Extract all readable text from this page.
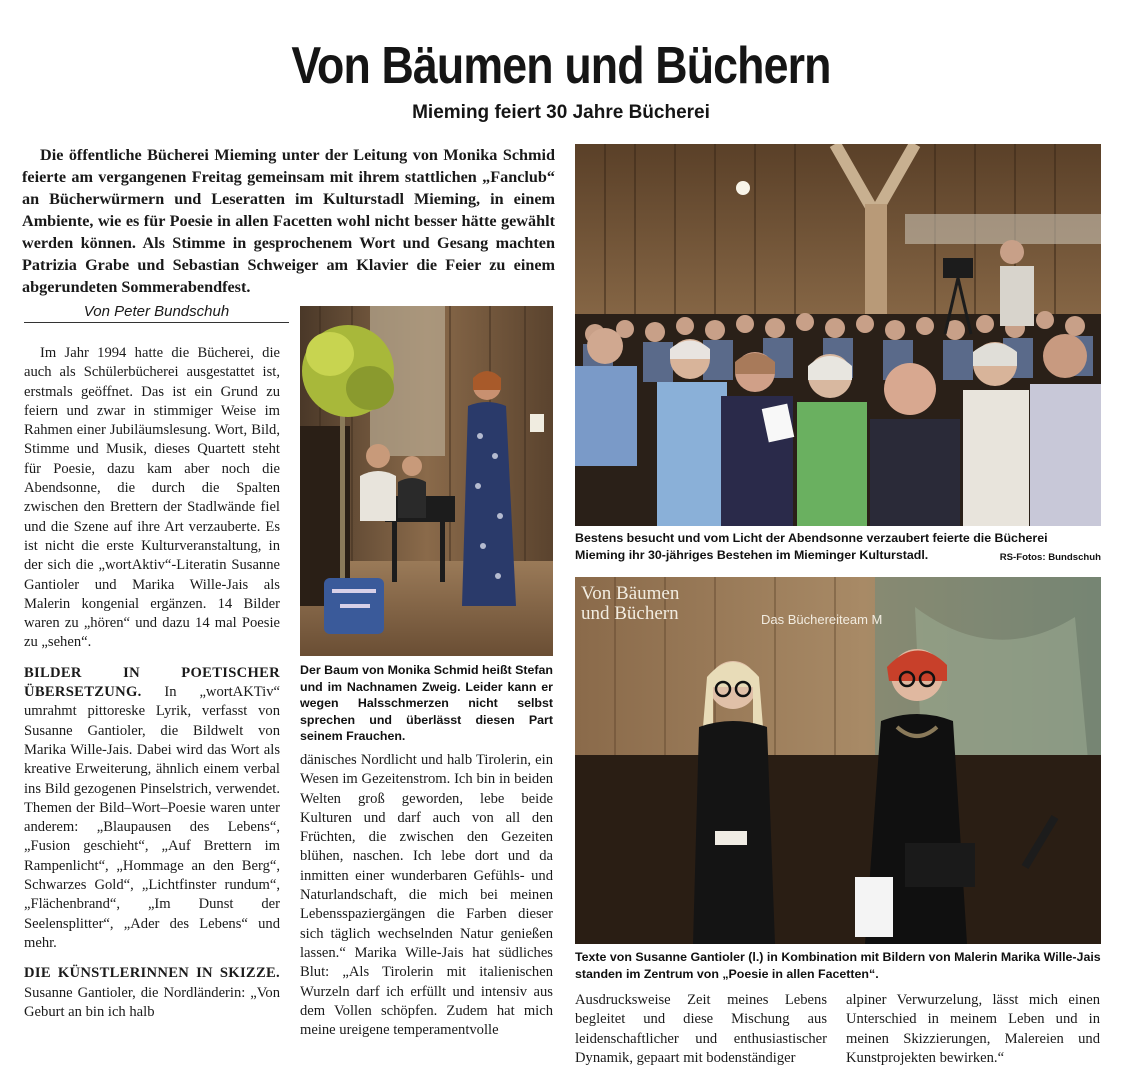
Von Bäumen und Büchern
Mieming feiert 30 Jahre Bücherei

Die öffentliche Bücherei Mieming unter der Leitung von Monika Schmid feierte am vergangenen Freitag gemeinsam mit ihrem stattlichen „Fanclub“ an Bücherwürmern und Leseratten im Kulturstadl Mieming, in einem Ambiente, wie es für Poesie in allen Facetten wohl nicht besser hätte gewählt werden können. Als Stimme in gesprochenem Wort und Gesang machten Patrizia Grabe und Sebastian Schweiger am Klavier die Feier zu einem abgerundeten Sommerabendfest.

Von Peter Bundschuh

Im Jahr 1994 hatte die Bücherei, die auch als Schülerbücherei ausgestattet ist, erstmals geöffnet. Das ist ein Grund zu feiern und zwar in stimmiger Weise im Rahmen einer Jubiläumslesung. Wort, Bild, Stimme und Musik, dieses Quartett steht für Poesie, dazu kam aber noch die Abendsonne, die durch die Spalten zwischen den Brettern der Stadlwände fiel und die Szene auf ihre Art verzauberte. Es ist nicht die erste Kulturveranstaltung, in der sich die „wortAktiv“-Literatin Susanne Gantioler und Marika Wille-Jais als Malerin kongenial ergänzen. 14 Bilder waren zu „hören“ und dazu 14 mal Poesie zu „sehen“.

BILDER IN POETISCHER ÜBERSETZUNG. In „wortAKTiv“ umrahmt pittoreske Lyrik, verfasst von Susanne Gantioler, die Bildwelt von Marika Wille-Jais. Dabei wird das Wort als kreative Erweiterung, ähnlich einem verbal ins Bild gezogenen Pinselstrich, verwendet. Themen der Bild–Wort–Poesie waren unter anderem: „Blaupausen des Lebens“, „Fusion geschieht“, „Auf Brettern im Rampenlicht“, „Hommage an den Berg“, Schwarzes Gold“, „Lichtfinster rundum“, „Flächenbrand“, „Im Dunst der Seelensplitter“, „Ader des Lebens“ und mehr.

DIE KÜNSTLERINNEN IN SKIZZE. Susanne Gantioler, die Nordländerin: „Von Geburt an bin ich halb

Der Baum von Monika Schmid heißt Stefan und im Nachnamen Zweig. Leider kann er wegen Halsschmerzen nicht selbst sprechen und überlässt diesen Part seinem Frauchen.

dänisches Nordlicht und halb Tirolerin, ein Wesen im Gezeitenstrom. Ich bin in beiden Welten groß geworden, lebe beide Kulturen und darf auch von all den Früchten, die zwischen den Gezeiten blühen, naschen. Ich lebe dort und da inmitten einer wunderbaren Gefühls- und Naturlandschaft, die mich bei meinen Lebensspaziergängen die Farben dieser sich täglich wechselnden Natur genießen lassen.“ Marika Wille-Jais hat südliches Blut: „Als Tirolerin mit italienischen Wurzeln darf ich erfüllt und intensiv aus dem Vollen schöpfen. Zudem hat mich meine ureigene temperamentvolle

Bestens besucht und vom Licht der Abendsonne verzaubert feierte die Bücherei Mieming ihr 30-jähriges Bestehen im Mieminger Kulturstadl.	RS-Fotos: Bundschuh
Von Bäumen
und Büchern	Das Büchereiteam M
Texte von Susanne Gantioler (l.) in Kombination mit Bildern von Malerin Marika Wille-Jais standen im Zentrum von „Poesie in allen Facetten“.

Ausdrucksweise Zeit meines Lebens begleitet und diese Mischung aus leidenschaftlicher und enthusiastischer Dynamik, gepaart mit bodenständiger

alpiner Verwurzelung, lässt mich einen Unterschied in meinem Leben und in meinen Skizzierungen, Malereien und Kunstprojekten bewirken.“
